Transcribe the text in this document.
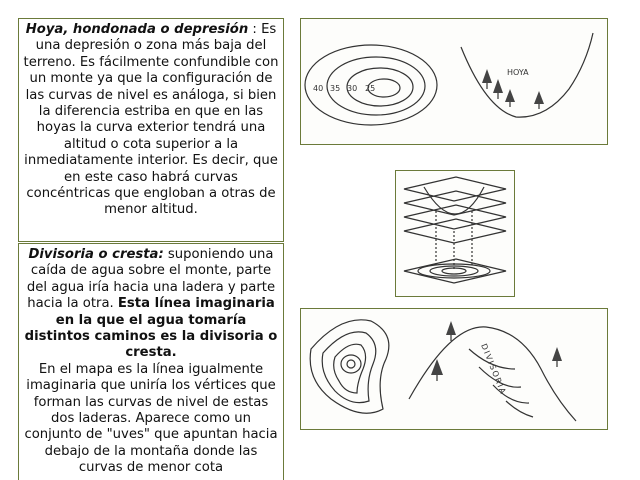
Hoya, hondonada o depresión : Es una depresión o zona más baja del terreno. Es fácilmente confundible con un monte ya que la configuración de las curvas de nivel es análoga, si bien la diferencia estriba en que en las hoyas la curva exterior tendrá una altitud o cota superior a la inmediatamente interior. Es decir, que en este caso habrá curvas concéntricas que engloban a otras de menor altitud.
Divisoria o cresta: suponiendo una caída de agua sobre el monte, parte del agua iría hacia una ladera y parte hacia la otra. Esta línea imaginaria en la que el agua tomaría distintos caminos es la divisoria o cresta.
En el mapa es la línea igualmente imaginaria que uniría los vértices que forman las curvas de nivel de estas dos laderas. Aparece como un conjunto de "uves" que apuntan hacia debajo de la montaña donde las curvas de menor cota
40 35 30 25
HOYA
DIVISORIA
